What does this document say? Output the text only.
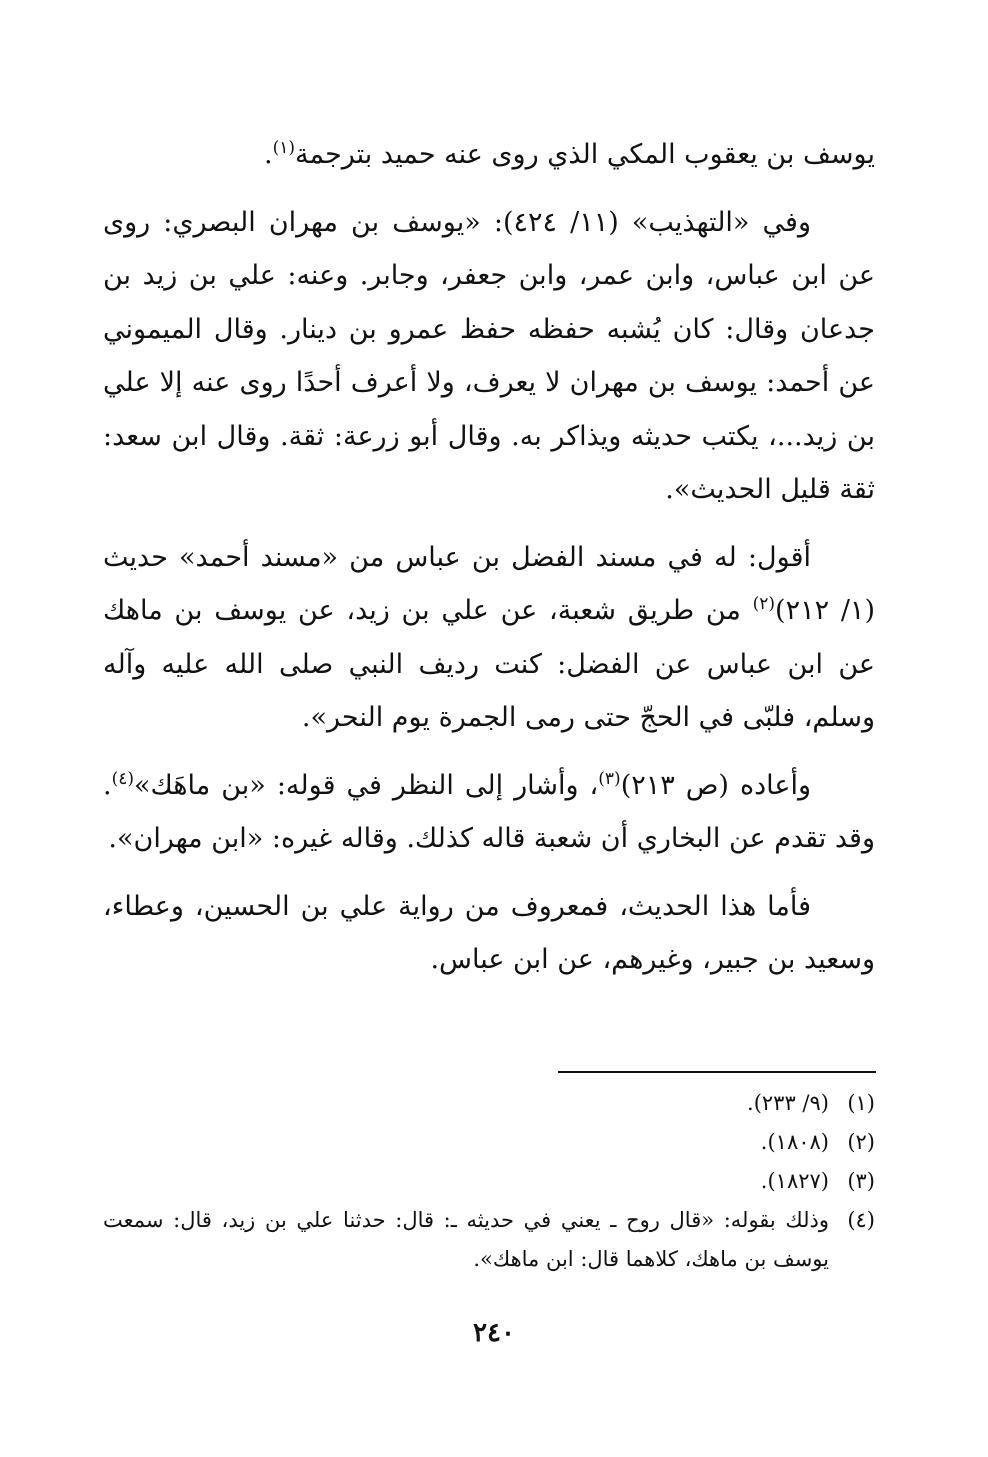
يوسف بن يعقوب المكي الذي روى عنه حميد بترجمة$^{(١)}$.

وفي «التهذيب» (١١/ ٤٢٤): «يوسف بن مهران البصري: روى عن ابن عباس، وابن عمر، وابن جعفر، وجابر. وعنه: علي بن زيد بن جدعان وقال: كان يُشبه حفظه حفظ عمرو بن دينار. وقال الميموني عن أحمد: يوسف بن مهران لا يعرف، ولا أعرف أحدًا روى عنه إلا علي بن زيد...، يكتب حديثه ويذاكر به. وقال أبو زرعة: ثقة. وقال ابن سعد: ثقة قليل الحديث».

أقول: له في مسند الفضل بن عباس من «مسند أحمد» حديث (١/ ٢١٢)$^{(٢)}$ من طريق شعبة، عن علي بن زيد، عن يوسف بن ماهك عن ابن عباس عن الفضل: كنت رديف النبي صلى الله عليه وآله وسلم، فلبّى في الحجّ حتى رمى الجمرة يوم النحر».

وأعاده (ص ٢١٣)$^{(٣)}$، وأشار إلى النظر في قوله: «بن ماهَك»$^{(٤)}$. وقد تقدم عن البخاري أن شعبة قاله كذلك. وقاله غيره: «ابن مهران».

فأما هذا الحديث، فمعروف من رواية علي بن الحسين، وعطاء، وسعيد بن جبير، وغيرهم، عن ابن عباس.

(١)
(٩/ ٢٣٣).
(٢)
(١٨٠٨).
(٣)
(١٨٢٧).
(٤)
وذلك بقوله: «قال روح ـ يعني في حديثه ـ: قال: حدثنا علي بن زيد، قال: سمعت يوسف بن ماهك، كلاهما قال: ابن ماهك».
٢٤٠
